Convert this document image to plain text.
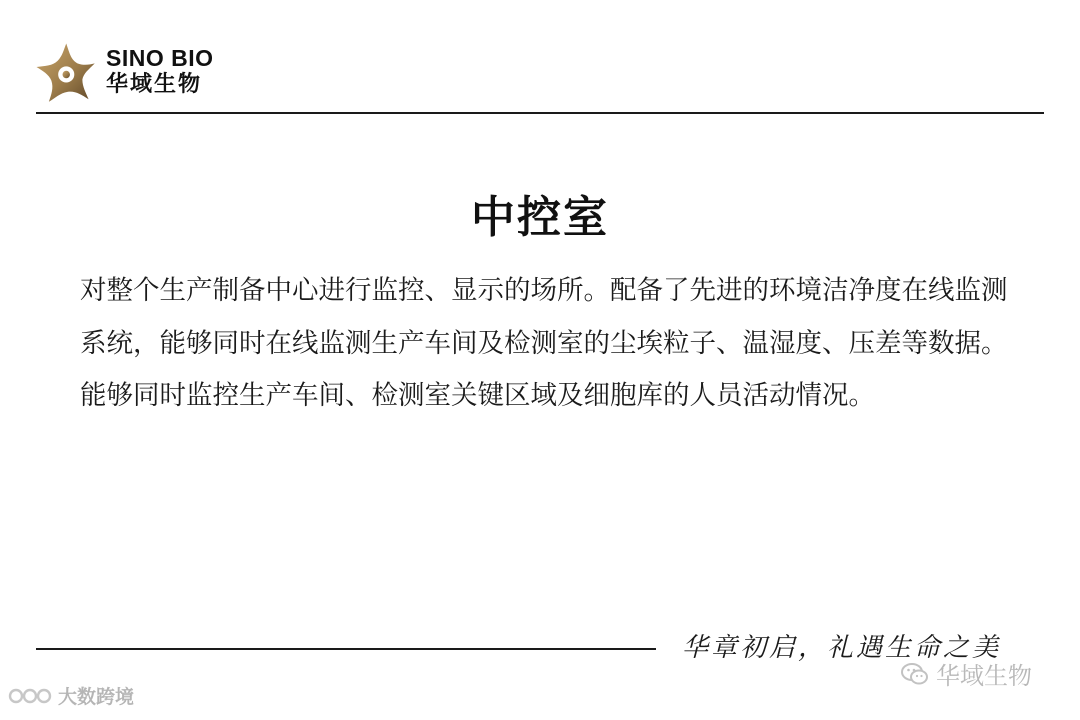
SINO BIO
华域生物
中控室

对整个生产制备中心进行监控、显示的场所。配备了先进的环境洁净度在线监测系统，能够同时在线监测生产车间及检测室的尘埃粒子、温湿度、压差等数据。能够同时监控生产车间、检测室关键区域及细胞库的人员活动情况。

华章初启，礼遇生命之美
大数跨境
华域生物
